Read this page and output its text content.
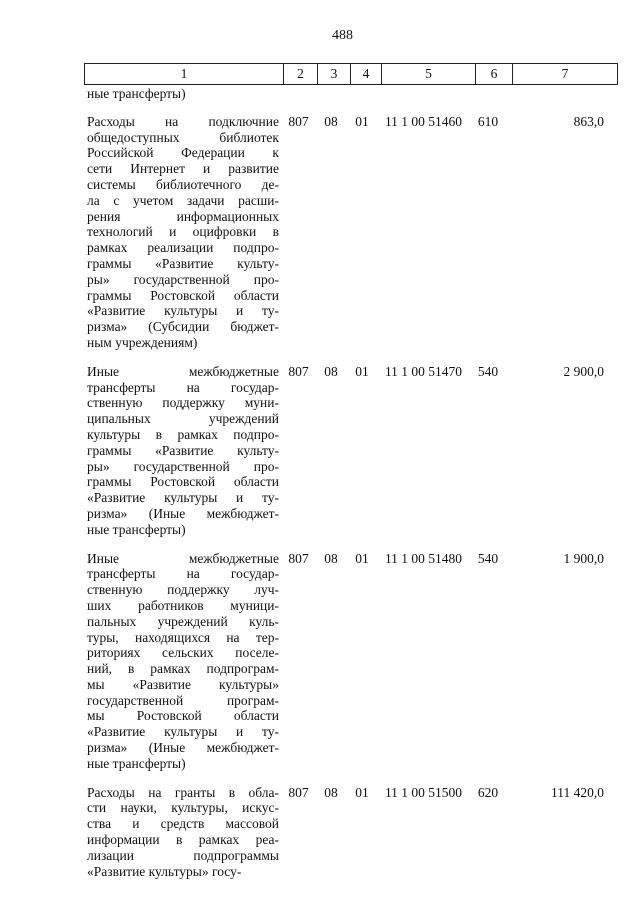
488
1	2	3	4	5	6	7
ные трансферты)
Расходы на подключние
общедоступных библиотек
Российской Федерации к
сети Интернет и развитие
системы библиотечного де-
ла с учетом задачи расши-
рения информационных
технологий и оцифровки в
рамках реализации подпро-
граммы «Развитие культу-
ры» государственной про-
граммы Ростовской области
«Развитие культуры и ту-
ризма» (Субсидии бюджет-
ным учреждениям)
807	08	01	11 1 00 51460	610	863,0
Иные межбюджетные
трансферты на государ-
ственную поддержку муни-
ципальных учреждений
культуры в рамках подпро-
граммы «Развитие культу-
ры» государственной про-
граммы Ростовской области
«Развитие культуры и ту-
ризма» (Иные межбюджет-
ные трансферты)
807	08	01	11 1 00 51470	540	2 900,0
Иные межбюджетные
трансферты на государ-
ственную поддержку луч-
ших работников муници-
пальных учреждений куль-
туры, находящихся на тер-
риториях сельских поселе-
ний, в рамках подпрограм-
мы «Развитие культуры»
государственной програм-
мы Ростовской области
«Развитие культуры и ту-
ризма» (Иные межбюджет-
ные трансферты)
807	08	01	11 1 00 51480	540	1 900,0
Расходы на гранты в обла-
сти науки, культуры, искус-
ства и средств массовой
информации в рамках реа-
лизации подпрограммы
«Развитие культуры» госу-
807	08	01	11 1 00 51500	620	111 420,0
